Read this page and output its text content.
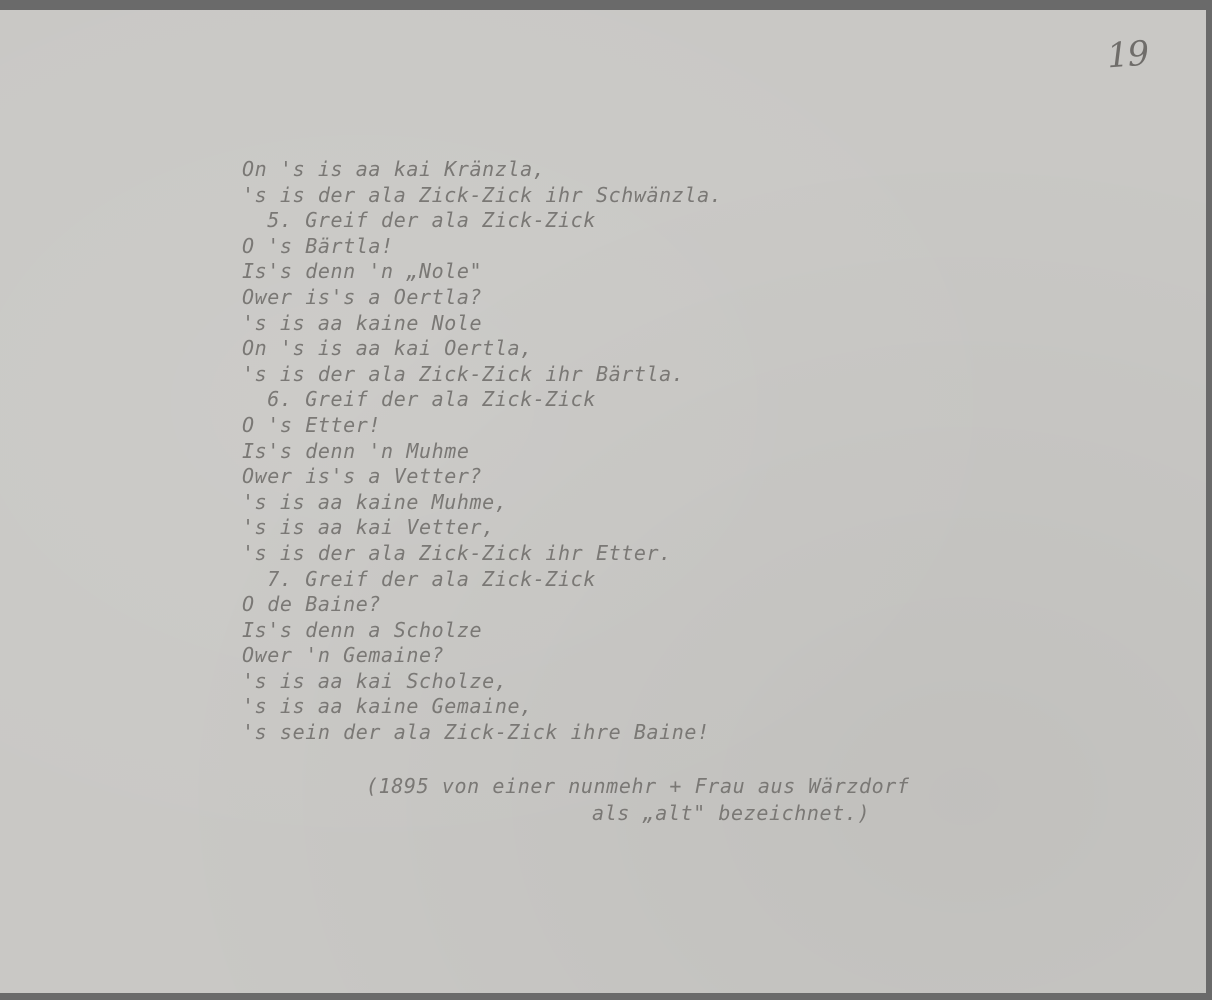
19
On 's is aa kai Kränzla,
's is der ala Zick-Zick ihr Schwänzla.
5. Greif der ala Zick-Zick
O 's Bärtla!
Is's denn 'n „Nole"
Ower is's a Oertla?
's is aa kaine Nole
On 's is aa kai Oertla,
's is der ala Zick-Zick ihr Bärtla.
6. Greif der ala Zick-Zick
O 's Etter!
Is's denn 'n Muhme
Ower is's a Vetter?
's is aa kaine Muhme,
's is aa kai Vetter,
's is der ala Zick-Zick ihr Etter.
7. Greif der ala Zick-Zick
O de Baine?
Is's denn a Scholze
Ower 'n Gemaine?
's is aa kai Scholze,
's is aa kaine Gemaine,
's sein der ala Zick-Zick ihre Baine!
(1895 von einer nunmehr + Frau aus Wärzdorf
als „alt" bezeichnet.)
